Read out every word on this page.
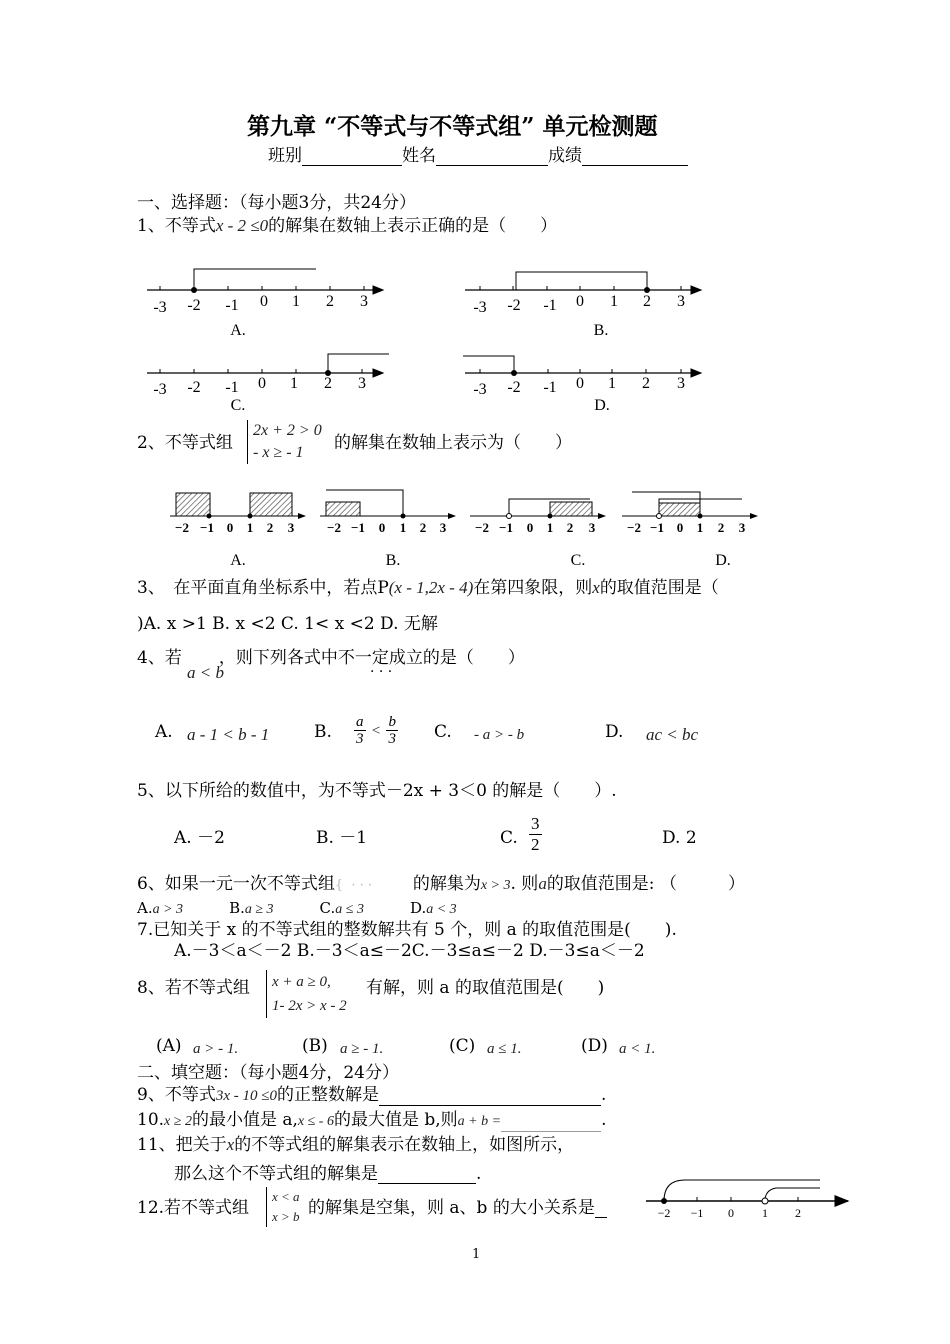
第九章 “不等式与不等式组” 单元检测题
班别	姓名	成绩
一、选择题：（每小题3分，共24分）
1、不等式x - 2 ≤0的解集在数轴上表示正确的是（　　）
-3 -2 -1 0 1 2 3
A.
-3 -2 -1 0 1 2 3
B.
-3 -2 -1 0 1 2 3
C.
-3 -2 -1 0 1 2 3
D.
2、不等式组
2x + 2 > 0
- x ≥ - 1	的解集在数轴上表示为（　　）
−2 −1 0 1 2 3
A.
−2 −1 0 1 2 3
B.
−2 −1 0 1 2 3
C.
−2 −1 0 1 2 3
D.
3、　在平面直角坐标系中，若点P(x - 1,2x - 4)在第四象限，则x的取值范围是（
)A. x >1 B. x <2 C. 1< x <2 D. 无解
4、若 ，则下列各式中不一定成立的是（　　）
a < b	· · ·
A. a - 1 < b - 1	B. $\frac{a}{3} < \frac{b}{3} C$. - a > - b	D. ac < bc
5、以下所给的数值中，为不等式－2x + 3＜0 的解是（　　）.
A. －2	B. －1	C. $\frac{3}{2}$	D. 2
6、如果一元一次不等式组{  · · ·的解集为x > 3. 则a的取值范围是: （　　　）
A.a > 3	B.a ≥ 3	C.a ≤ 3	D.a < 3
7.已知关于 x 的不等式组的整数解共有 5 个，则 a 的取值范围是(　　).
A.－3＜a＜－2 B.－3＜a≤－2C.－3≤a≤－2 D.－3≤a＜－2
8、若不等式组 x + a ≥ 0,
1- 2x > x - 2
有解，则 a 的取值范围是(　　)
(A) a > - 1.	(B) a ≥ - 1.	(C) a ≤ 1.	(D) a < 1.
二、填空题：（每小题4分，24分）
9、不等式3x - 10 ≤0的正整数解是	.
10.x ≥ 2的最小值是 a,x ≤ - 6的最大值是 b,则a + b =	.
11、把关于x的不等式组的解集表示在数轴上，如图所示，
那么这个不等式组的解集是	.
12.若不等式组
x < a
x > b 的解集是空集，则 a、b 的大小关系是	−2 −1 0 1 2
1
